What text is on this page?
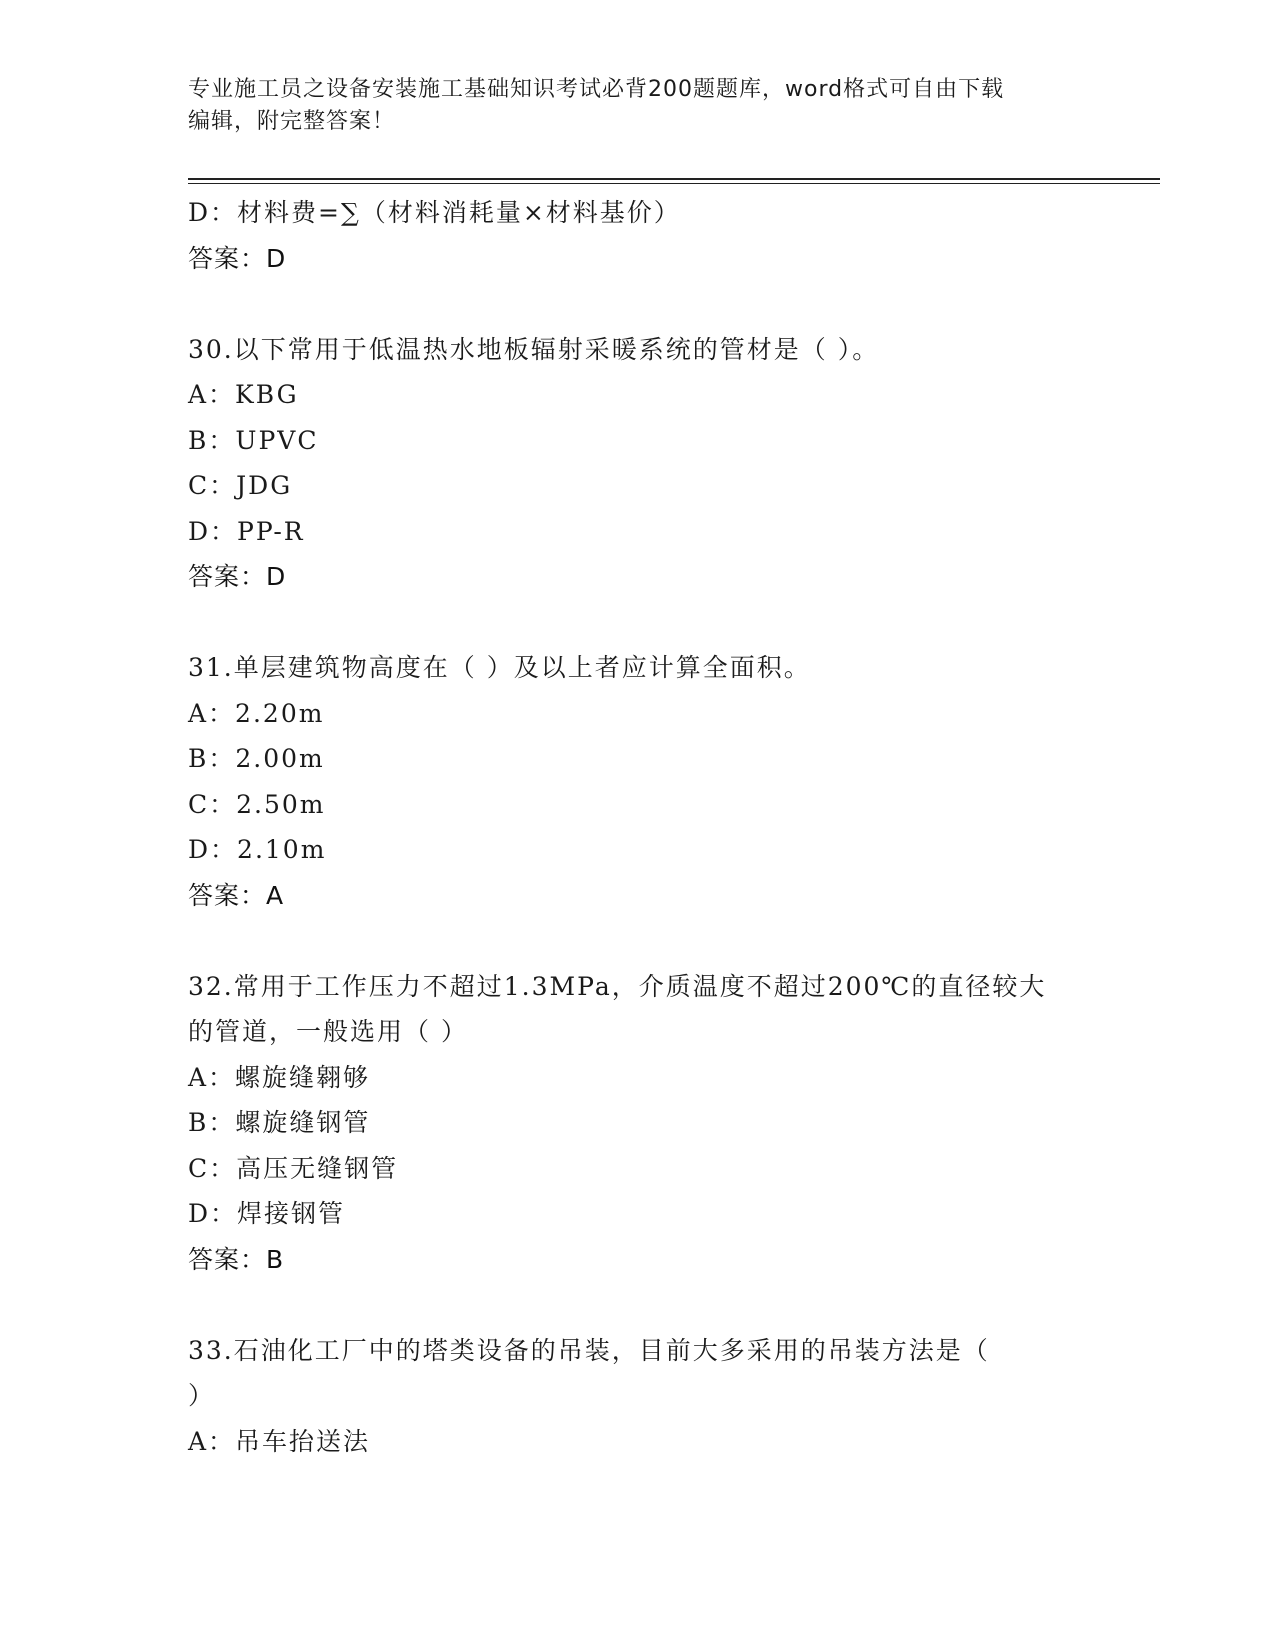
专业施工员之设备安装施工基础知识考试必背200题题库，word格式可自由下载
编辑，附完整答案！
D：材料费=∑（材料消耗量×材料基价）
答案：D
30.以下常用于低温热水地板辐射采暖系统的管材是（ ）。
A：KBG
B：UPVC
C：JDG
D：PP-R
答案：D
31.单层建筑物高度在（ ）及以上者应计算全面积。
A：2.20m
B：2.00m
C：2.50m
D：2.10m
答案：A
32.常用于工作压力不超过1.3MPa，介质温度不超过200℃的直径较大
的管道，一般选用（ ）
A：螺旋缝翱够
B：螺旋缝钢管
C：高压无缝钢管
D：焊接钢管
答案：B
33.石油化工厂中的塔类设备的吊装，目前大多采用的吊装方法是（
）
A：吊车抬送法
